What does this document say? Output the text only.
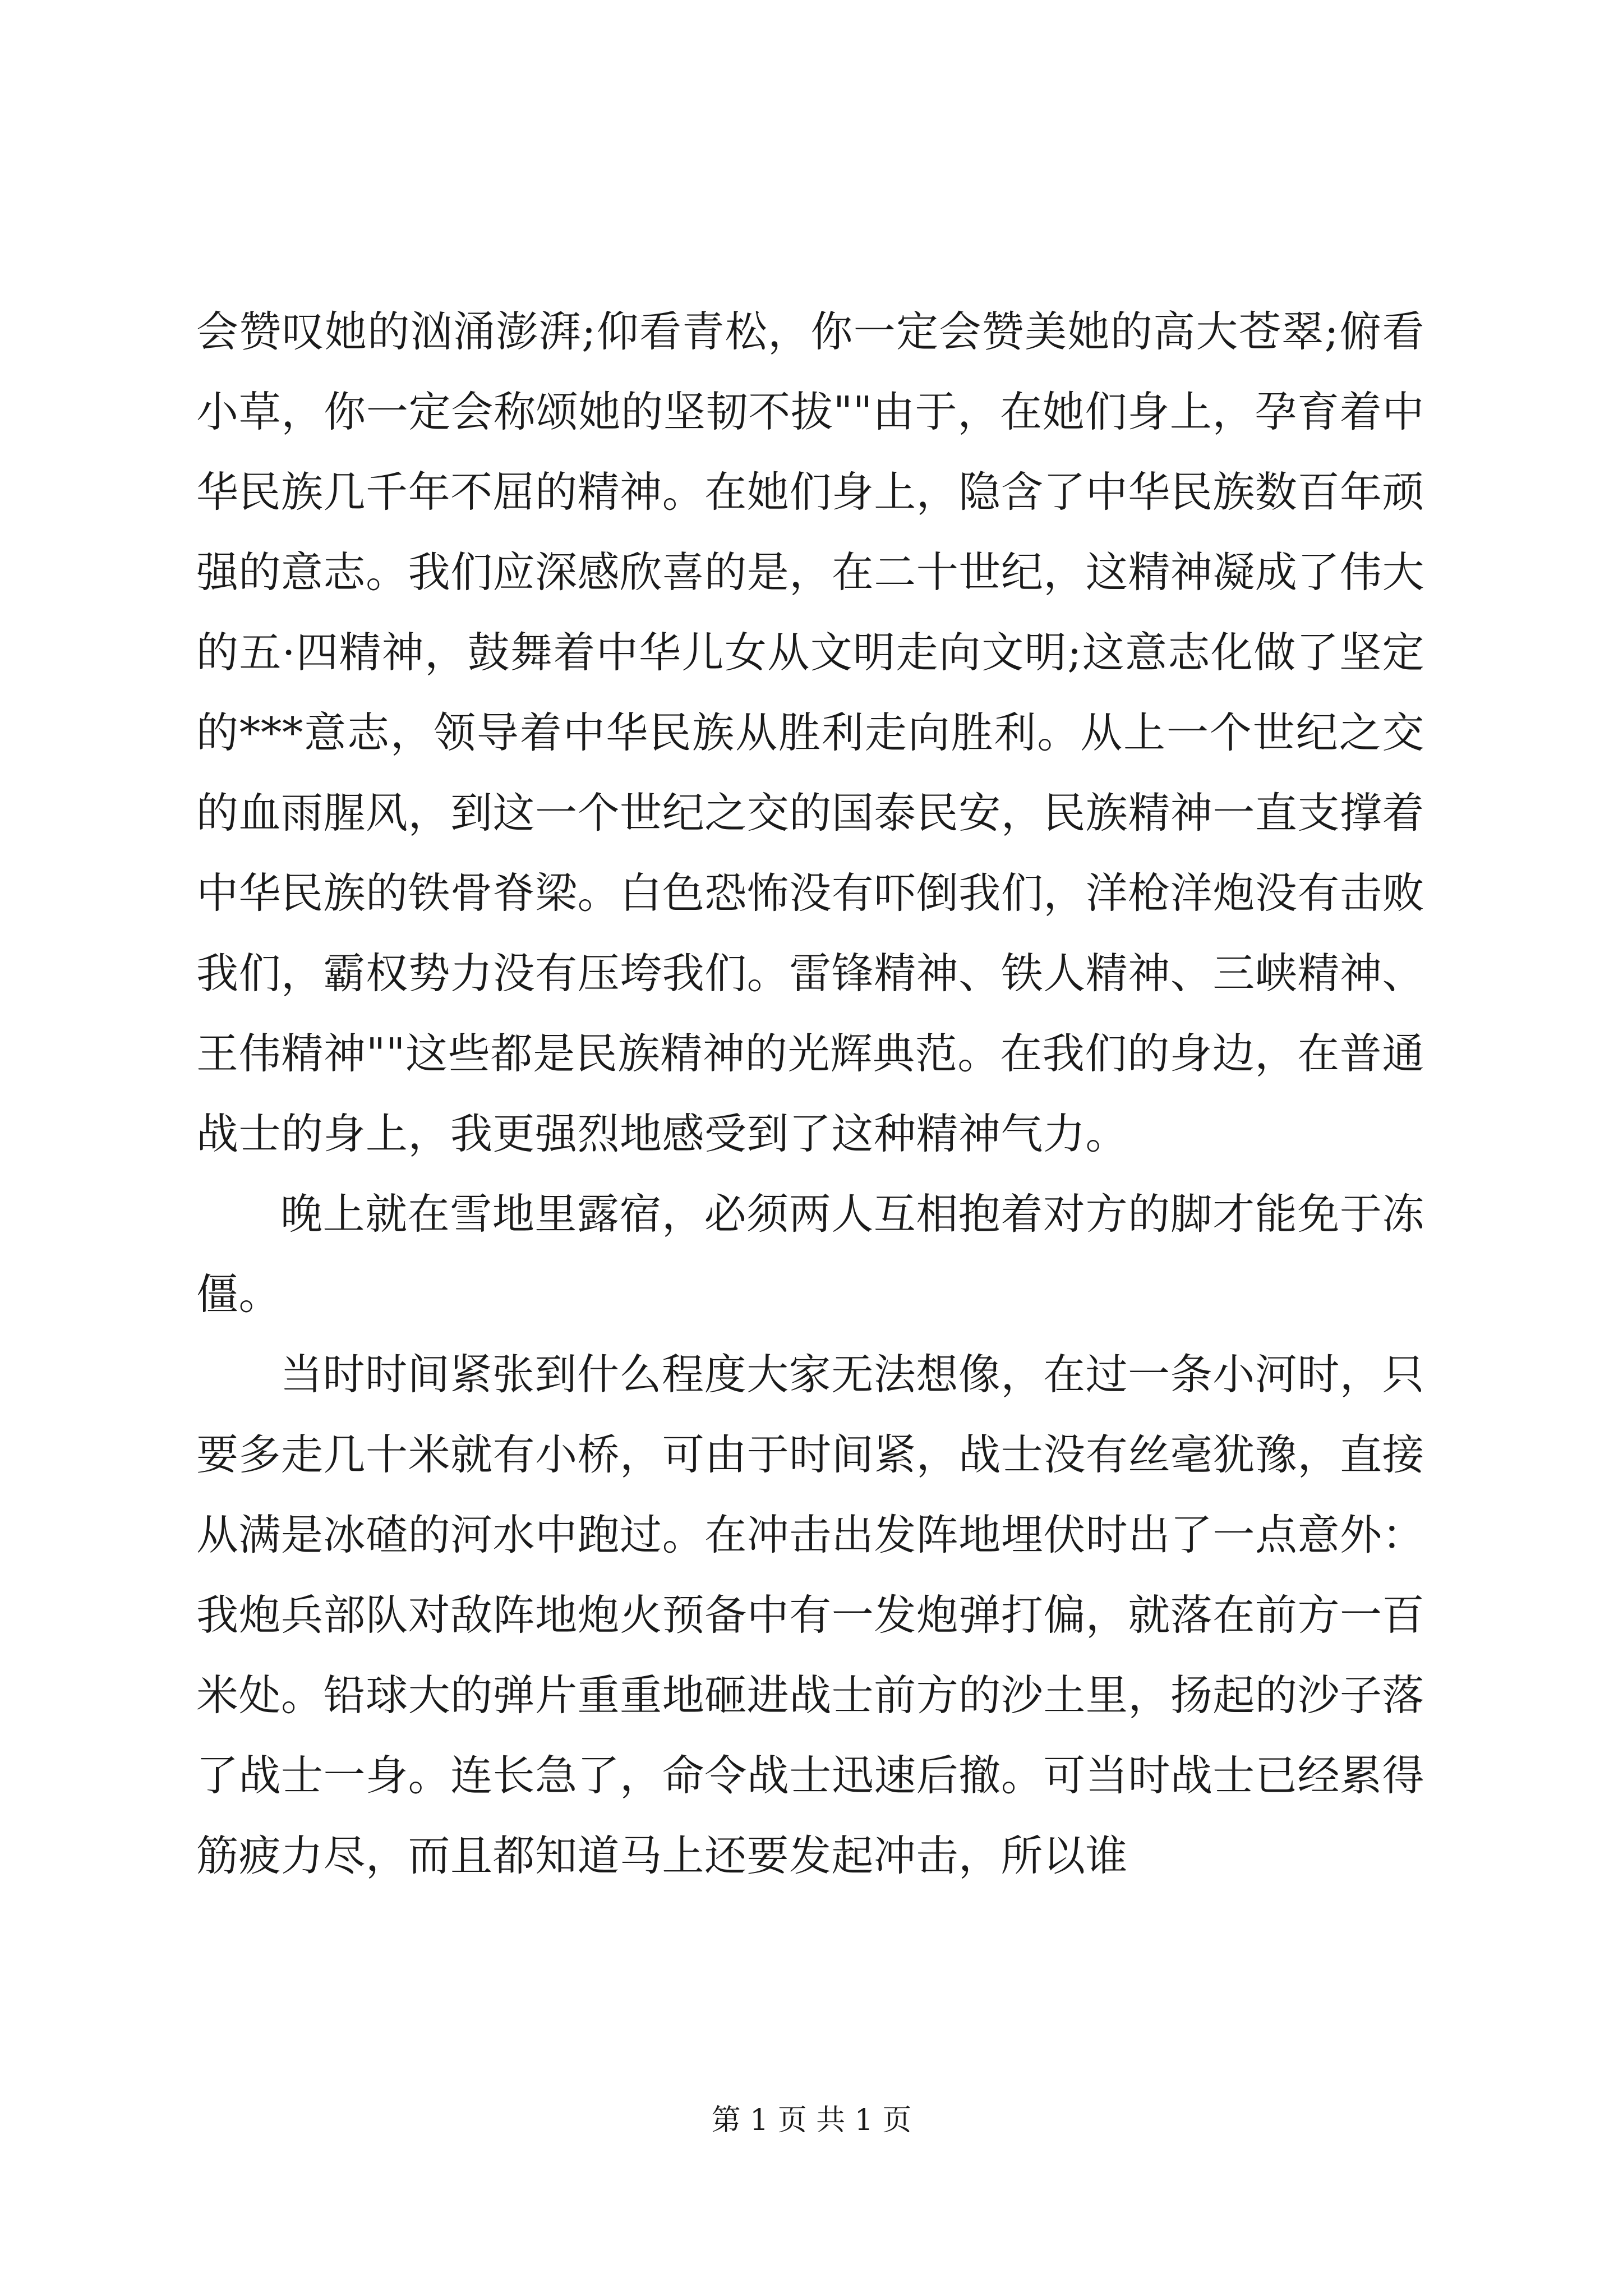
会赞叹她的汹涌澎湃;仰看青松，你一定会赞美她的高大苍翠;俯看小草，你一定会称颂她的坚韧不拔""由于，在她们身上，孕育着中华民族几千年不屈的精神。在她们身上，隐含了中华民族数百年顽强的意志。我们应深感欣喜的是，在二十世纪，这精神凝成了伟大的五·四精神，鼓舞着中华儿女从文明走向文明;这意志化做了坚定的***意志，领导着中华民族从胜利走向胜利。从上一个世纪之交的血雨腥风，到这一个世纪之交的国泰民安，民族精神一直支撑着中华民族的铁骨脊梁。白色恐怖没有吓倒我们，洋枪洋炮没有击败我们，霸权势力没有压垮我们。雷锋精神、铁人精神、三峡精神、王伟精神""这些都是民族精神的光辉典范。在我们的身边，在普通战士的身上，我更强烈地感受到了这种精神气力。

晚上就在雪地里露宿，必须两人互相抱着对方的脚才能免于冻僵。

当时时间紧张到什么程度大家无法想像，在过一条小河时，只要多走几十米就有小桥，可由于时间紧，战士没有丝毫犹豫，直接从满是冰碴的河水中跑过。在冲击出发阵地埋伏时出了一点意外：我炮兵部队对敌阵地炮火预备中有一发炮弹打偏，就落在前方一百米处。铅球大的弹片重重地砸进战士前方的沙土里，扬起的沙子落了战士一身。连长急了，命令战士迅速后撤。可当时战士已经累得筋疲力尽，而且都知道马上还要发起冲击，所以谁

第 1 页 共 1 页
